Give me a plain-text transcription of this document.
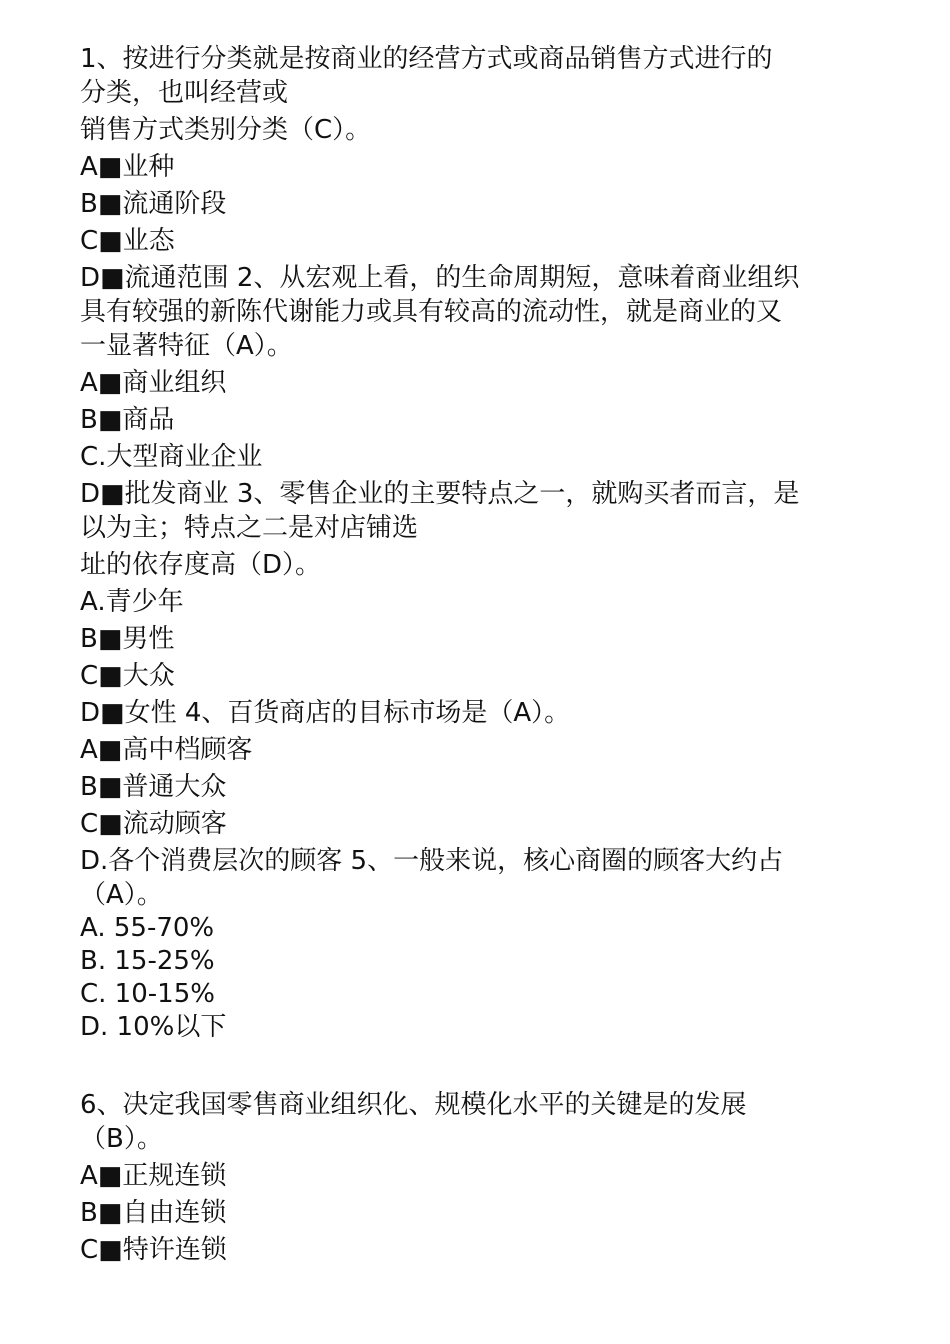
1、按进行分类就是按商业的经营方式或商品销售方式进行的
分类，也叫经营或
销售方式类别分类（C）。
A■业种
B■流通阶段
C■业态
D■流通范围 2、从宏观上看，的生命周期短，意味着商业组织
具有较强的新陈代谢能力或具有较高的流动性，就是商业的又
一显著特征（A）。
A■商业组织
B■商品
C.大型商业企业
D■批发商业 3、零售企业的主要特点之一，就购买者而言，是
以为主；特点之二是对店铺选
址的依存度高（D）。
A.青少年
B■男性
C■大众
D■女性 4、百货商店的目标市场是（A）。
A■高中档顾客
B■普通大众
C■流动顾客
D.各个消费层次的顾客 5、一般来说，核心商圈的顾客大约占
（A）。
A. 55-70%
B. 15-25%
C. 10-15%
D. 10%以下
6、决定我国零售商业组织化、规模化水平的关键是的发展
（B）。
A■正规连锁
B■自由连锁
C■特许连锁
